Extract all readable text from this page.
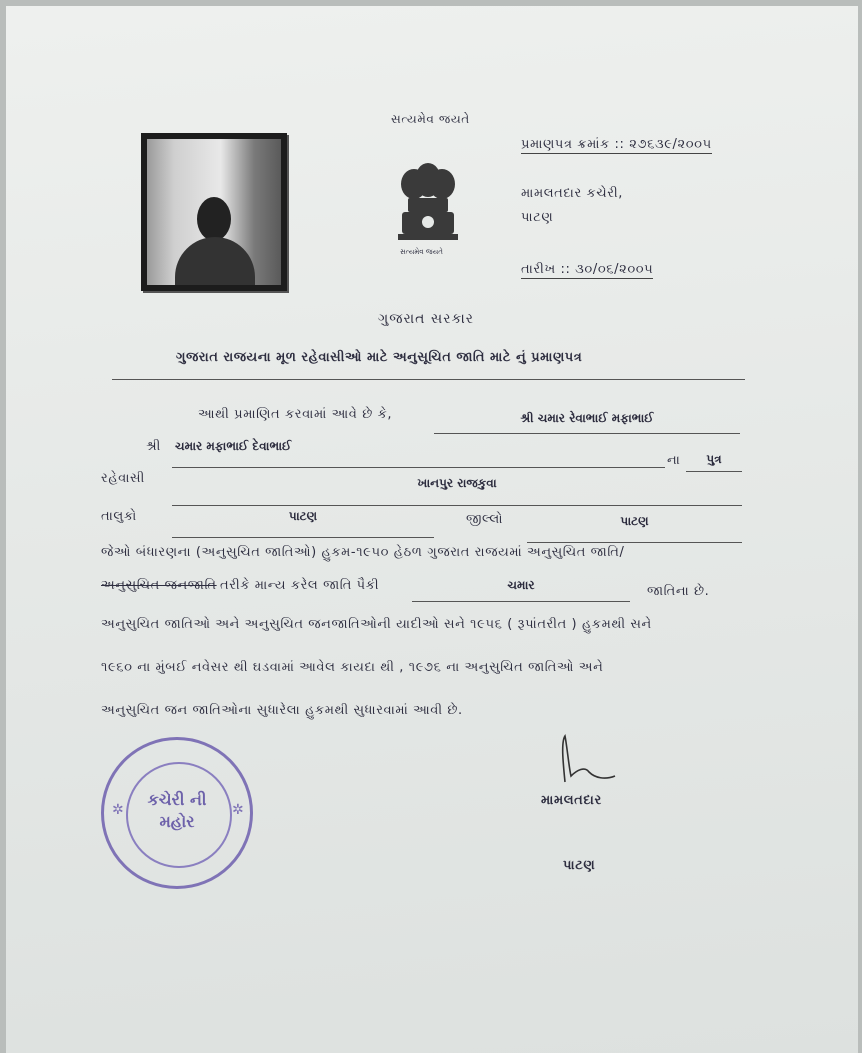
સત્યમેવ જયતે
સત્યમેવ જયતે
પ્રમાણપત્ર ક્રમાંક :: ૨૭૬૩૯/૨૦૦૫
મામલતદાર કચેરી,
પાટણ
તારીખ :: ૩૦/૦૬/૨૦૦૫
ગુજરાત સરકાર
ગુજરાત રાજયના મૂળ રહેવાસીઓ માટે અનુસૂચિત જાતિ માટે નું પ્રમાણપત્ર
આથી પ્રમાણિત કરવામાં આવે છે કે,	શ્રી ચમાર રેવાભાઈ મફાભાઈ
શ્રી ચમાર મફાભાઈ દેવાભાઈ
ના	પુત્ર
રહેવાસી	ખાનપુર રાજકુવા
તાલુકો	પાટણ	જીલ્લો	પાટણ
જેઓ બંધારણના (અનુસુચિત જાતિઓ) હુકમ-૧૯૫૦ હેઠળ ગુજરાત રાજયમાં અનુસુચિત જાતિ/
અનુસુચિત જનજાતિ તરીકે માન્ય કરેલ જાતિ પૈકી	ચમાર	જાતિના છે.
અનુસુચિત જાતિઓ અને અનુસુચિત જનજાતિઓની યાદીઓ સને ૧૯૫૬ ( રૂપાંતરીત ) હુકમથી સને
૧૯૬૦ ના મુંબઈ નવેસર થી ઘડવામાં આવેલ કાયદા થી , ૧૯૭૬ ના અનુસુચિત જાતિઓ અને
અનુસુચિત જન જાતિઓના સુધારેલા હુકમથી સુધારવામાં આવી છે.
કચેરી ની
મહોર
✲	✲
મામલતદાર
પાટણ
